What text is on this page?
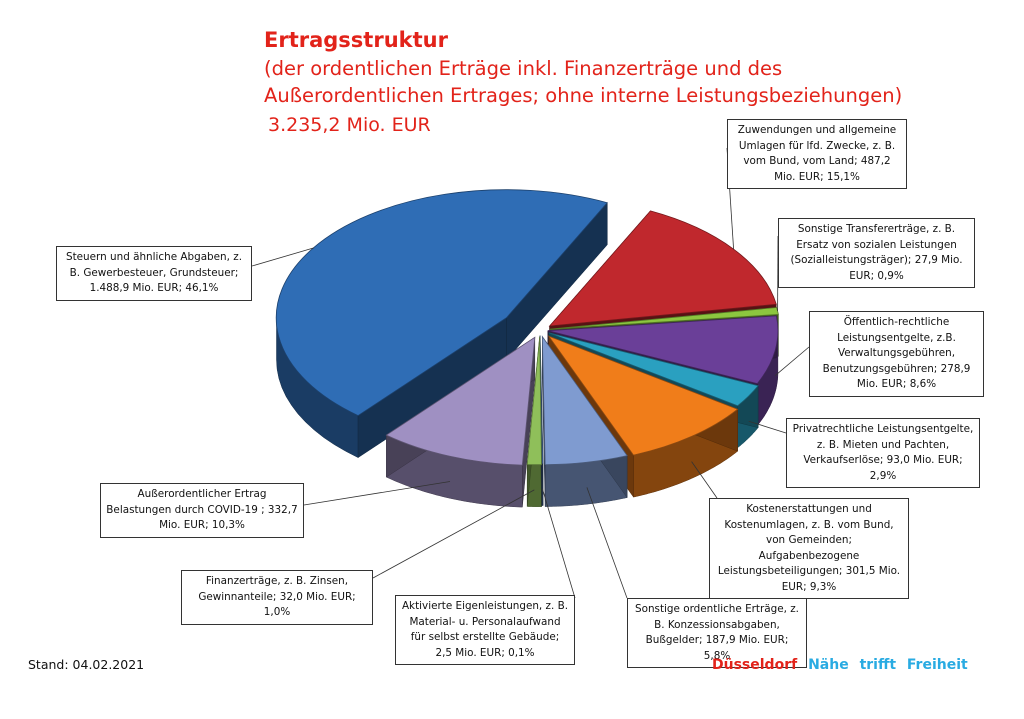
Ertragsstruktur
(der ordentlichen Erträge inkl. Finanzerträge und des
Außerordentlichen Ertrages; ohne interne Leistungsbeziehungen)
3.235,2 Mio. EUR	Zuwendungen und allgemeine Umlagen für lfd. Zwecke, z. B. vom Bund, vom Land; 487,2 Mio. EUR; 15,1%
Sonstige Transfererträge, z. B. Ersatz von sozialen Leistungen (Sozialleistungsträger); 27,9 Mio. EUR; 0,9%
Öffentlich-rechtliche Leistungsentgelte, z.B. Verwaltungsgebühren, Benutzungsgebühren; 278,9 Mio. EUR; 8,6%
Privatrechtliche Leistungsentgelte, z. B. Mieten und Pachten, Verkaufserlöse; 93,0 Mio. EUR; 2,9%
Kostenerstattungen und Kostenumlagen, z. B. vom Bund, von Gemeinden; Aufgabenbezogene Leistungsbeteiligungen; 301,5 Mio. EUR; 9,3%
Sonstige ordentliche Erträge, z. B. Konzessionsabgaben, Bußgelder; 187,9 Mio. EUR; 5,8%
Aktivierte Eigenleistungen, z. B. Material- u. Personalaufwand für selbst erstellte Gebäude; 2,5 Mio. EUR; 0,1%
Finanzerträge, z. B. Zinsen, Gewinnanteile; 32,0 Mio. EUR; 1,0%
Außerordentlicher Ertrag Belastungen durch COVID-19 ; 332,7 Mio. EUR; 10,3%
Steuern und ähnliche Abgaben, z. B. Gewerbesteuer, Grundsteuer; 1.488,9 Mio. EUR; 46,1%
Stand: 04.02.2021	Düsseldorf Nähe trifft Freiheit
